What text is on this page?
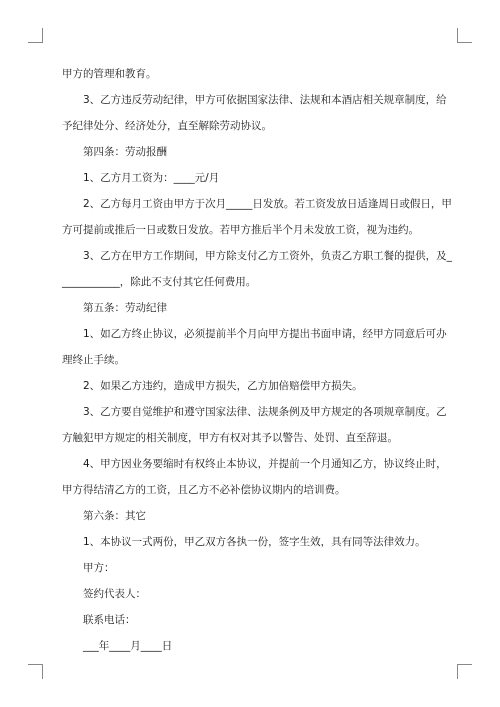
甲方的管理和教育。
3、乙方违反劳动纪律，甲方可依据国家法律、法规和本酒店相关规章制度，给
予纪律处分、经济处分，直至解除劳动协议。
第四条：劳动报酬
1、乙方月工资为：____元/月
2、乙方每月工资由甲方于次月_____日发放。若工资发放日适逢周日或假日，甲
方可提前或推后一日或数日发放。若甲方推后半个月未发放工资，视为违约。
3、乙方在甲方工作期间，甲方除支付乙方工资外，负责乙方职工餐的提供，及_
___________，除此不支付其它任何费用。
第五条：劳动纪律
1、如乙方终止协议，必须提前半个月向甲方提出书面申请，经甲方同意后可办
理终止手续。
2、如果乙方违约，造成甲方损失，乙方加倍赔偿甲方损失。
3、乙方要自觉维护和遵守国家法律、法规条例及甲方规定的各项规章制度。乙
方触犯甲方规定的相关制度，甲方有权对其予以警告、处罚、直至辞退。
4、甲方因业务要缩时有权终止本协议，并提前一个月通知乙方，协议终止时，
甲方得结清乙方的工资，且乙方不必补偿协议期内的培训费。
第六条：其它
1、本协议一式两份，甲乙双方各执一份，签字生效，具有同等法律效力。
甲方：
签约代表人：
联系电话：
___年____月____日
